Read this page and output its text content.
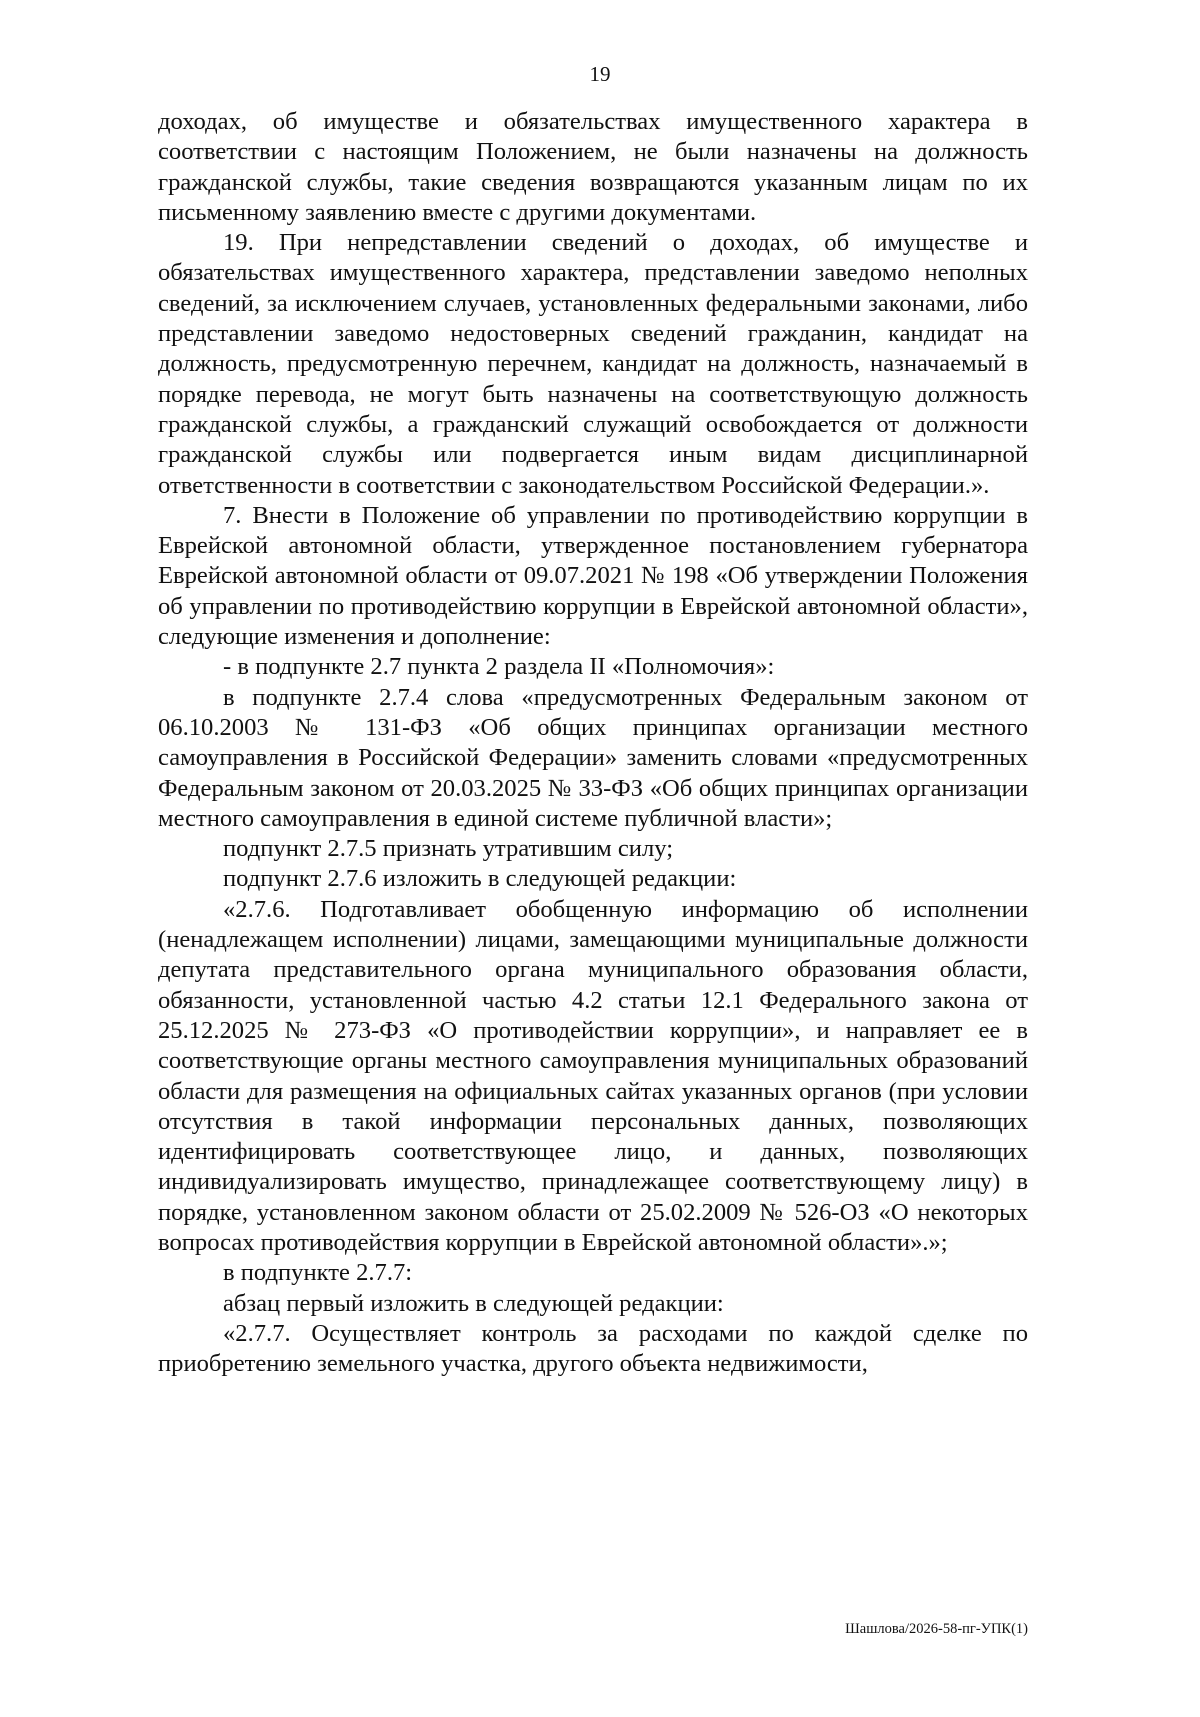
19

доходах, об имуществе и обязательствах имущественного характера в соответствии с настоящим Положением, не были назначены на должность гражданской службы, такие сведения возвращаются указанным лицам по их письменному заявлению вместе с другими документами.

19. При непредставлении сведений о доходах, об имуществе и обязательствах имущественного характера, представлении заведомо неполных сведений, за исключением случаев, установленных федеральными законами, либо представлении заведомо недостоверных сведений гражданин, кандидат на должность, предусмотренную перечнем, кандидат на должность, назначаемый в порядке перевода, не могут быть назначены на соответствующую должность гражданской службы, а гражданский служащий освобождается от должности гражданской службы или подвергается иным видам дисциплинарной ответственности в соответствии с законодательством Российской Федерации.».

7. Внести в Положение об управлении по противодействию коррупции в Еврейской автономной области, утвержденное постановлением губернатора Еврейской автономной области от 09.07.2021 № 198 «Об утверждении Положения об управлении по противодействию коррупции в Еврейской автономной области», следующие изменения и дополнение:

- в подпункте 2.7 пункта 2 раздела II «Полномочия»:

в подпункте 2.7.4 слова «предусмотренных Федеральным законом от 06.10.2003 № 131-ФЗ «Об общих принципах организации местного самоуправления в Российской Федерации» заменить словами «предусмотренных Федеральным законом от 20.03.2025 № 33-ФЗ «Об общих принципах организации местного самоуправления в единой системе публичной власти»;

подпункт 2.7.5 признать утратившим силу;

подпункт 2.7.6 изложить в следующей редакции:

«2.7.6. Подготавливает обобщенную информацию об исполнении (ненадлежащем исполнении) лицами, замещающими муниципальные должности депутата представительного органа муниципального образования области, обязанности, установленной частью 4.2 статьи 12.1 Федерального закона от 25.12.2025 № 273-ФЗ «О противодействии коррупции», и направляет ее в соответствующие органы местного самоуправления муниципальных образований области для размещения на официальных сайтах указанных органов (при условии отсутствия в такой информации персональных данных, позволяющих идентифицировать соответствующее лицо, и данных, позволяющих индивидуализировать имущество, принадлежащее соответствующему лицу) в порядке, установленном законом области от 25.02.2009 № 526-ОЗ «О некоторых вопросах противодействия коррупции в Еврейской автономной области».»;

в подпункте 2.7.7:

абзац первый изложить в следующей редакции:

«2.7.7. Осуществляет контроль за расходами по каждой сделке по приобретению земельного участка, другого объекта недвижимости,

Шашлова/2026-58-пг-УПК(1)
